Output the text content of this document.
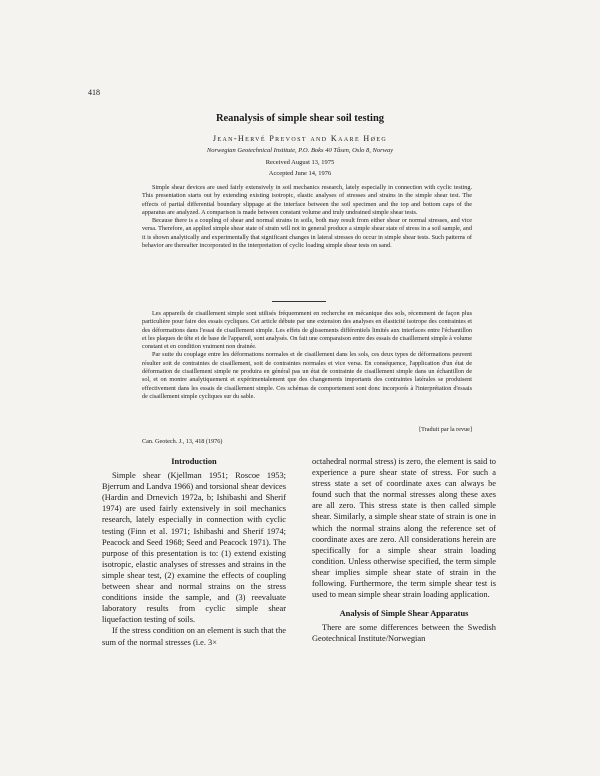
418
Reanalysis of simple shear soil testing
Jean-Hervé Prevost and Kaare Høeg
Norwegian Geotechnical Institute, P.O. Boks 40 Tåsen, Oslo 8, Norway
Received August 13, 1975
Accepted June 14, 1976

Simple shear devices are used fairly extensively in soil mechanics research, lately especially in connection with cyclic testing. This presentation starts out by extending existing isotropic, elastic analyses of stresses and strains in the simple shear test. The effects of partial differential boundary slippage at the interface between the soil specimen and the top and bottom caps of the apparatus are analyzed. A comparison is made between constant volume and truly undrained simple shear tests.

Because there is a coupling of shear and normal strains in soils, both may result from either shear or normal stresses, and vice versa. Therefore, an applied simple shear state of strain will not in general produce a simple shear state of stress in a soil sample, and it is shown analytically and experimentally that significant changes in lateral stresses do occur in simple shear tests. Such patterns of behavior are thereafter incorporated in the interpretation of cyclic loading simple shear tests on sand.

Les appareils de cisaillement simple sont utilisés fréquemment en recherche en mécanique des sols, récemment de façon plus particulière pour faire des essais cycliques. Cet article débute par une extension des analyses en élasticité isotrope des contraintes et des déformations dans l'essai de cisaillement simple. Les effets de glissements différentiels limités aux interfaces entre l'échantillon et les plaques de tête et de base de l'appareil, sont analysés. On fait une comparaison entre des essais de cisaillement simple à volume constant et en condition vraiment non drainée.

Par suite du couplage entre les déformations normales et de cisaillement dans les sols, ces deux types de déformations peuvent résulter soit de contraintes de cisaillement, soit de contraintes normales et vice versa. En conséquence, l'application d'un état de déformation de cisaillement simple ne produira en général pas un état de contrainte de cisaillement simple dans un échantillon de sol, et on montre analytiquement et expérimentalement que des changements importants des contraintes latérales se produisent effectivement dans les essais de cisaillement simple. Ces schémas de comportement sont donc incorporés à l'interprétation d'essais de cisaillement simple cycliques sur du sable.

[Traduit par la revue]
Can. Geotech. J., 13, 418 (1976)
Introduction

Simple shear (Kjellman 1951; Roscoe 1953; Bjerrum and Landva 1966) and torsional shear devices (Hardin and Drnevich 1972a, b; Ishibashi and Sherif 1974) are used fairly extensively in soil mechanics research, lately especially in connection with cyclic testing (Finn et al. 1971; Ishibashi and Sherif 1974; Peacock and Seed 1968; Seed and Peacock 1971). The purpose of this presentation is to: (1) extend existing isotropic, elastic analyses of stresses and strains in the simple shear test, (2) examine the effects of coupling between shear and normal strains on the stress conditions inside the sample, and (3) reevaluate laboratory results from cyclic simple shear liquefaction testing of soils.

If the stress condition on an element is such that the sum of the normal stresses (i.e. 3×

octahedral normal stress) is zero, the element is said to experience a pure shear state of stress. For such a stress state a set of coordinate axes can always be found such that the normal stresses along these axes are all zero. This stress state is then called simple shear. Similarly, a simple shear state of strain is one in which the normal strains along the reference set of coordinate axes are zero. All considerations herein are specifically for a simple shear strain loading condition. Unless otherwise specified, the term simple shear implies simple shear state of strain in the following. Furthermore, the term simple shear test is used to mean simple shear strain loading application.

Analysis of Simple Shear Apparatus

There are some differences between the Swedish Geotechnical Institute/Norwegian
